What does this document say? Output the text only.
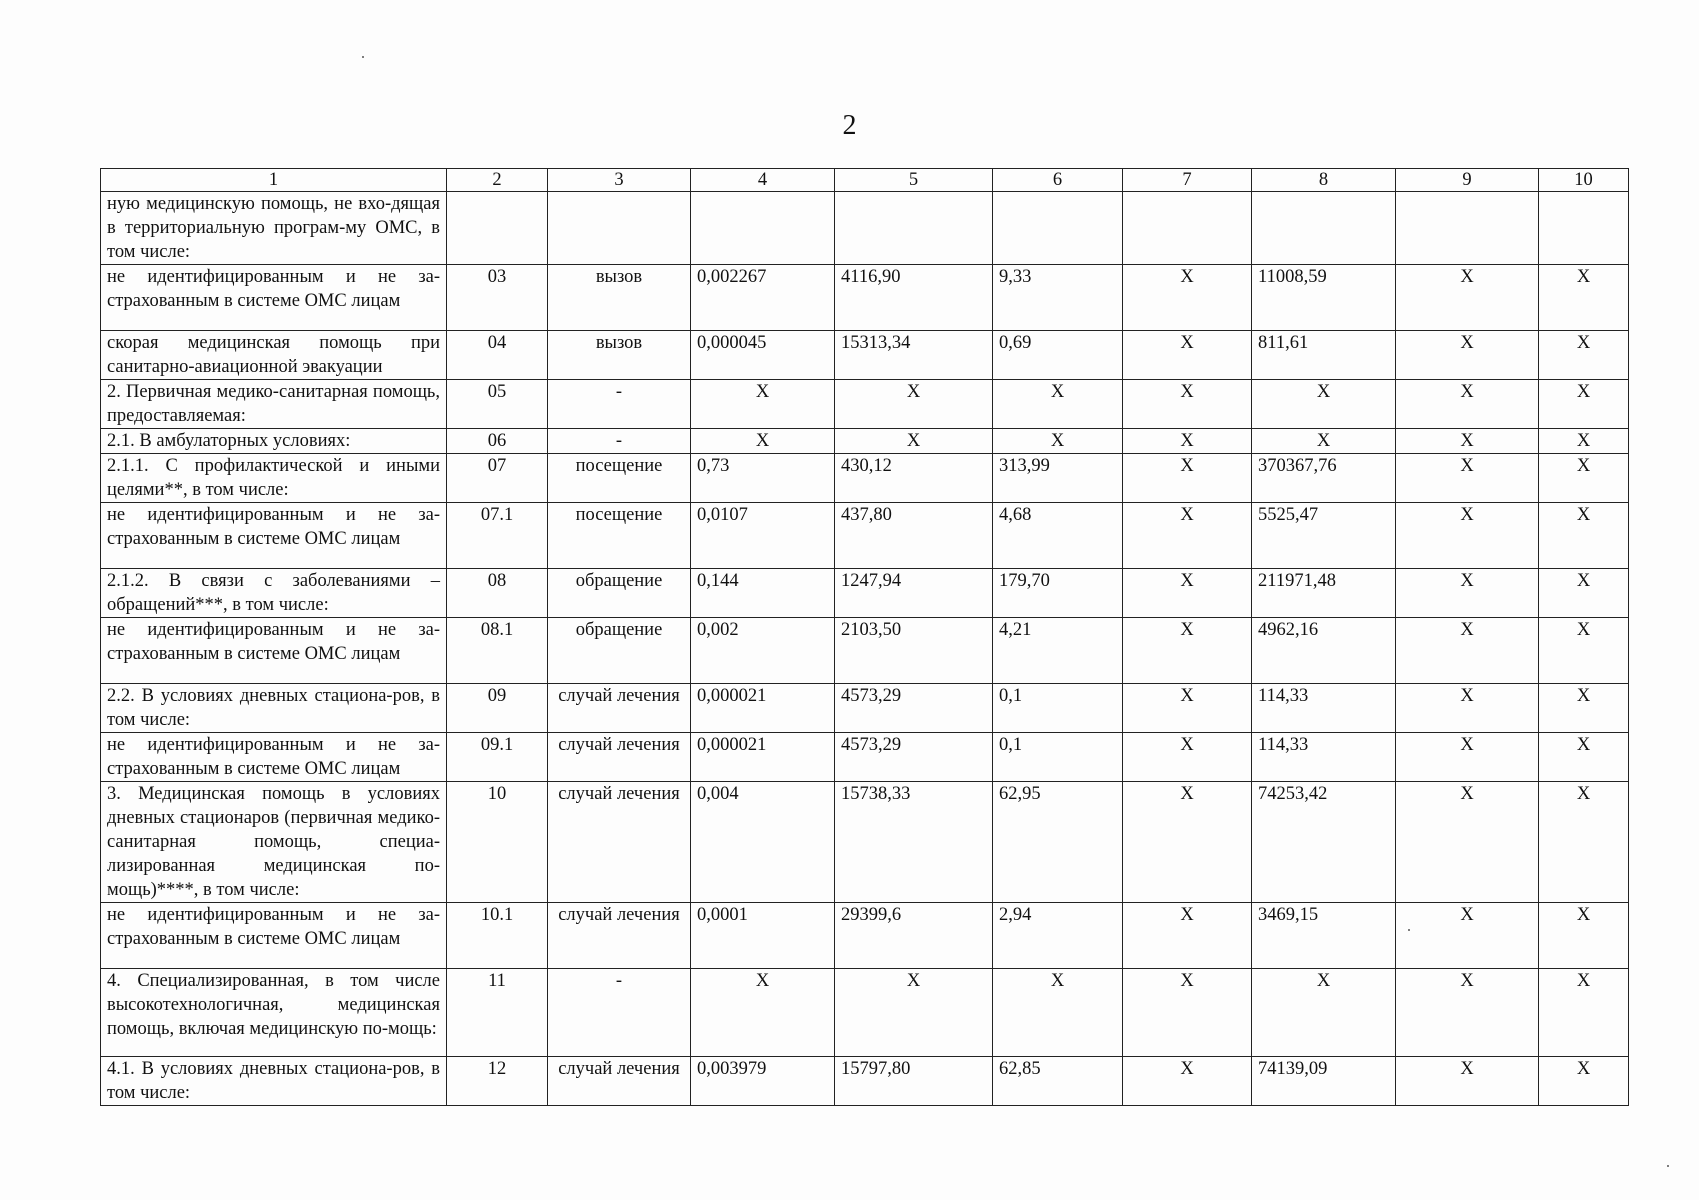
2
1	2	3	4	5	6	7	8	9	10
ную медицинскую помощь, не вхо-дящая в территориальную програм-му ОМС, в том числе:									
не идентифицированным и не за-страхованным в системе ОМС лицам	03	вызов	0,002267	4116,90	9,33	Х	11008,59	Х	Х
скорая медицинская помощь при санитарно-авиационной эвакуации	04	вызов	0,000045	15313,34	0,69	Х	811,61	Х	Х
2. Первичная медико-санитарная помощь, предоставляемая:	05	-	Х	Х	Х	Х	Х	Х	Х
2.1. В амбулаторных условиях:	06	-	Х	Х	Х	Х	Х	Х	Х
2.1.1. С профилактической и иными целями**, в том числе:	07	посещение	0,73	430,12	313,99	Х	370367,76	Х	Х
не идентифицированным и не за-страхованным в системе ОМС лицам	07.1	посещение	0,0107	437,80	4,68	Х	5525,47	Х	Х
2.1.2. В связи с заболеваниями – обращений***, в том числе:	08	обращение	0,144	1247,94	179,70	Х	211971,48	Х	Х
не идентифицированным и не за-страхованным в системе ОМС лицам	08.1	обращение	0,002	2103,50	4,21	Х	4962,16	Х	Х
2.2. В условиях дневных стациона-ров, в том числе:	09	случай лечения	0,000021	4573,29	0,1	Х	114,33	Х	Х
не идентифицированным и не за-страхованным в системе ОМС лицам	09.1	случай лечения	0,000021	4573,29	0,1	Х	114,33	Х	Х
3. Медицинская помощь в условиях дневных стационаров (первичная медико-санитарная помощь, специа-лизированная медицинская по-мощь)****, в том числе:	10	случай лечения	0,004	15738,33	62,95	Х	74253,42	Х	Х
не идентифицированным и не за-страхованным в системе ОМС лицам	10.1	случай лечения	0,0001	29399,6	2,94	Х	3469,15	Х	Х
4. Специализированная, в том числе высокотехнологичная, медицинская помощь, включая медицинскую по-мощь:	11	-	Х	Х	Х	Х	Х	Х	Х
4.1. В условиях дневных стациона-ров, в том числе:	12	случай лечения	0,003979	15797,80	62,85	Х	74139,09	Х	Х
